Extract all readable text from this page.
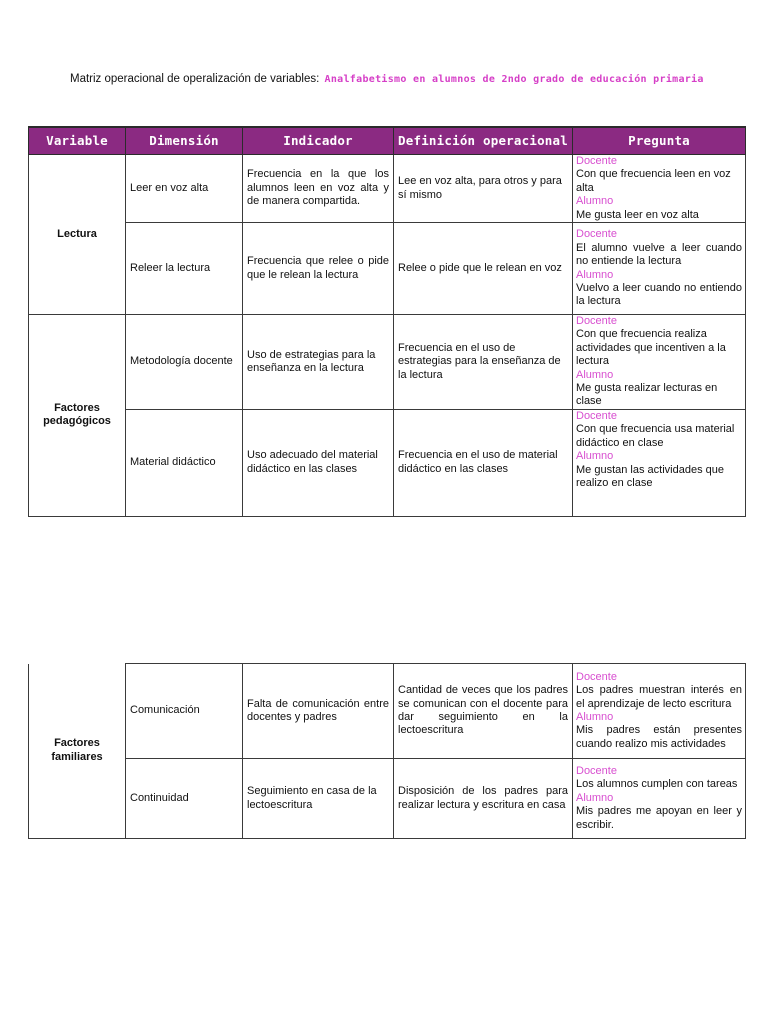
Matriz operacional de operalización de variables: Analfabetismo en alumnos de 2ndo grado de educación primaria
Variable	Dimensión	Indicador	Definición operacional	Pregunta
Lectura	Leer en voz alta	Frecuencia en la que los alumnos leen en voz alta y de manera compartida.	Lee en voz alta, para otros y para sí mismo	Docente
Con que frecuencia leen en voz alta
Alumno
Me gusta leer en voz alta

	Releer la lectura	Frecuencia que relee o pide que le relean la lectura	Relee o pide que le relean en voz	Docente
El alumno vuelve a leer cuando no entiende la lectura
Alumno
Vuelvo a leer cuando no entiendo la lectura

Factores pedagógicos	Metodología docente	Uso de estrategias para la enseñanza en la lectura	Frecuencia en el uso de estrategias para la enseñanza de la lectura	Docente
Con que frecuencia realiza actividades que incentiven a la lectura
Alumno
Me gusta realizar lecturas en clase

	Material didáctico	Uso adecuado del material didáctico en las clases	Frecuencia en el uso de material didáctico en las clases	Docente
Con que frecuencia usa material didáctico en clase
Alumno
Me gustan las actividades que realizo en clase
Factores familiares	Comunicación	Falta de comunicación entre docentes y padres	Cantidad de veces que los padres se comunican con el docente para dar seguimiento en la lectoescritura	Docente
Los padres muestran interés en el aprendizaje de lecto escritura
Alumno
Mis padres están presentes cuando realizo mis actividades

	Continuidad	Seguimiento en casa de la lectoescritura	Disposición de los padres para realizar lectura y escritura en casa	Docente
Los alumnos cumplen con tareas
Alumno
Mis padres me apoyan en leer y escribir.
